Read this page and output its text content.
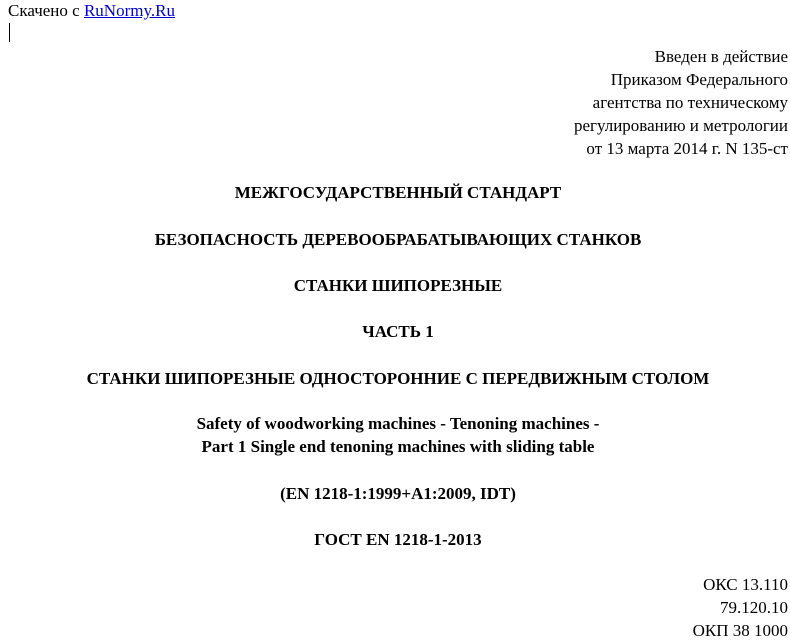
Скачено с RuNormy.Ru
Введен в действие
Приказом Федерального
агентства по техническому
регулированию и метрологии
от 13 марта 2014 г. N 135-ст
МЕЖГОСУДАРСТВЕННЫЙ СТАНДАРТ
БЕЗОПАСНОСТЬ ДЕРЕВООБРАБАТЫВАЮЩИХ СТАНКОВ
СТАНКИ ШИПОРЕЗНЫЕ
ЧАСТЬ 1
СТАНКИ ШИПОРЕЗНЫЕ ОДНОСТОРОННИЕ С ПЕРЕДВИЖНЫМ СТОЛОМ
Safety of woodworking machines - Tenoning machines -
Part 1 Single end tenoning machines with sliding table
(EN 1218-1:1999+A1:2009, IDT)
ГОСТ EN 1218-1-2013
ОКС 13.110
79.120.10
ОКП 38 1000
